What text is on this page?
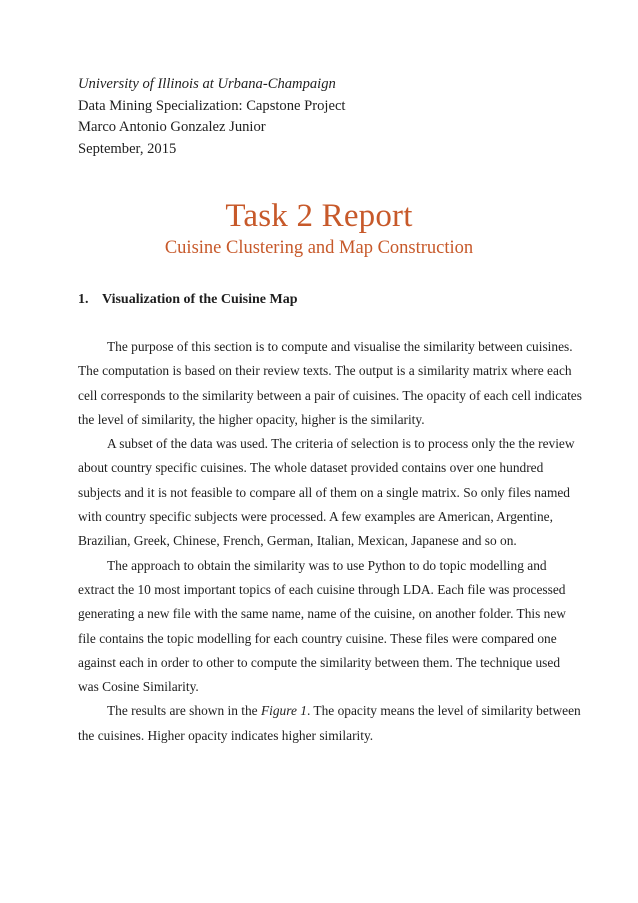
University of Illinois at Urbana-Champaign
Data Mining Specialization: Capstone Project
Marco Antonio Gonzalez Junior
September, 2015
Task 2 Report
Cuisine Clustering and Map Construction
1. Visualization of the Cuisine Map
The purpose of this section is to compute and visualise the similarity between cuisines.
The computation is based on their review texts. The output is a similarity matrix where each
cell corresponds to the similarity between a pair of cuisines. The opacity of each cell indicates
the level of similarity, the higher opacity, higher is the similarity.
A subset of the data was used. The criteria of selection is to process only the the review
about country specific cuisines. The whole dataset provided contains over one hundred
subjects and it is not feasible to compare all of them on a single matrix. So only files named
with country specific subjects were processed. A few examples are American, Argentine,
Brazilian, Greek, Chinese, French, German, Italian, Mexican, Japanese and so on.
The approach to obtain the similarity was to use Python to do topic modelling and
extract the 10 most important topics of each cuisine through LDA. Each file was processed
generating a new file with the same name, name of the cuisine, on another folder. This new
file contains the topic modelling for each country cuisine. These files were compared one
against each in order to other to compute the similarity between them. The technique used
was Cosine Similarity.
The results are shown in the Figure 1. The opacity means the level of similarity between
the cuisines. Higher opacity indicates higher similarity.
